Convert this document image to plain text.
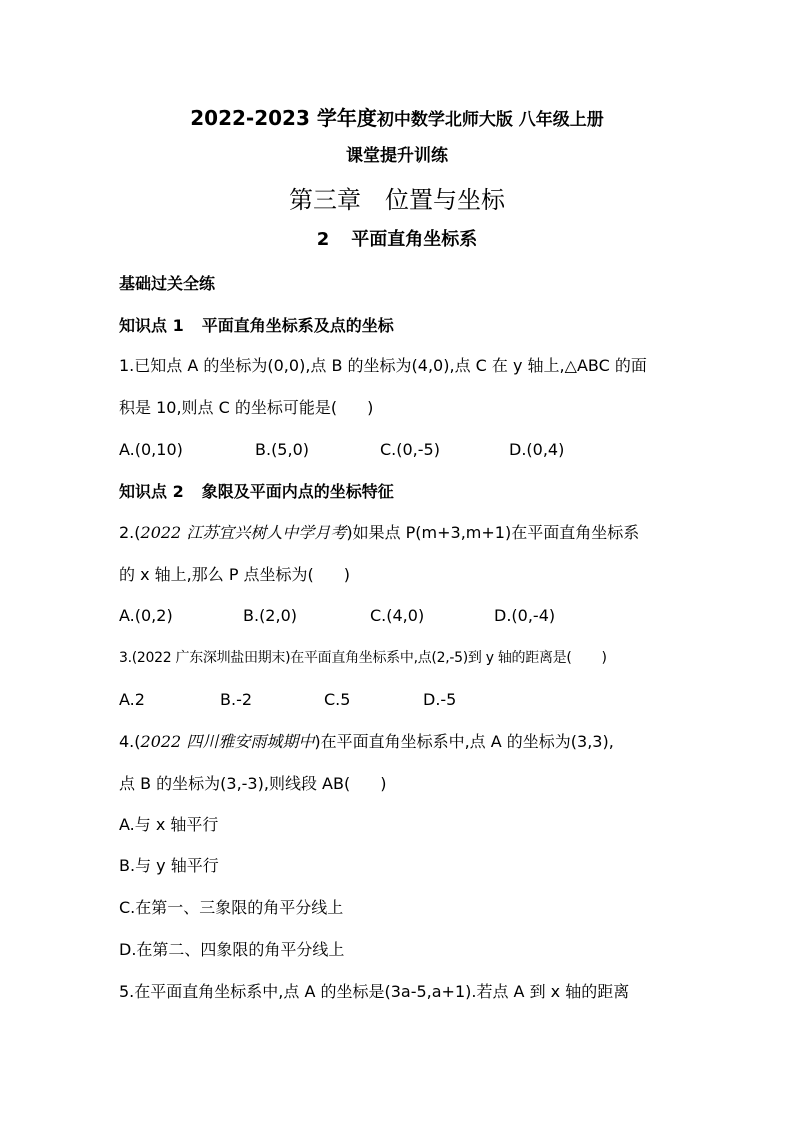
2022-2023 学年度初中数学北师大版 八年级上册
课堂提升训练
第三章　位置与坐标
2 平面直角坐标系
基础过关全练
知识点 1 平面直角坐标系及点的坐标
1.已知点 A 的坐标为(0,0),点 B 的坐标为(4,0),点 C 在 y 轴上,△ABC 的面
积是 10,则点 C 的坐标可能是( )
A.(0,10)	B.(5,0)	C.(0,-5)	D.(0,4)
知识点 2 象限及平面内点的坐标特征
2.(2022 江苏宜兴树人中学月考)如果点 P(m+3,m+1)在平面直角坐标系
的 x 轴上,那么 P 点坐标为( )
A.(0,2)	B.(2,0)	C.(4,0)	D.(0,-4)
3.(2022 广东深圳盐田期末)在平面直角坐标系中,点(2,-5)到 y 轴的距离是( )
A.2	B.-2	C.5	D.-5
4.(2022 四川雅安雨城期中)在平面直角坐标系中,点 A 的坐标为(3,3),
点 B 的坐标为(3,-3),则线段 AB( )
A.与 x 轴平行
B.与 y 轴平行
C.在第一、三象限的角平分线上
D.在第二、四象限的角平分线上
5.在平面直角坐标系中,点 A 的坐标是(3a-5,a+1).若点 A 到 x 轴的距离
